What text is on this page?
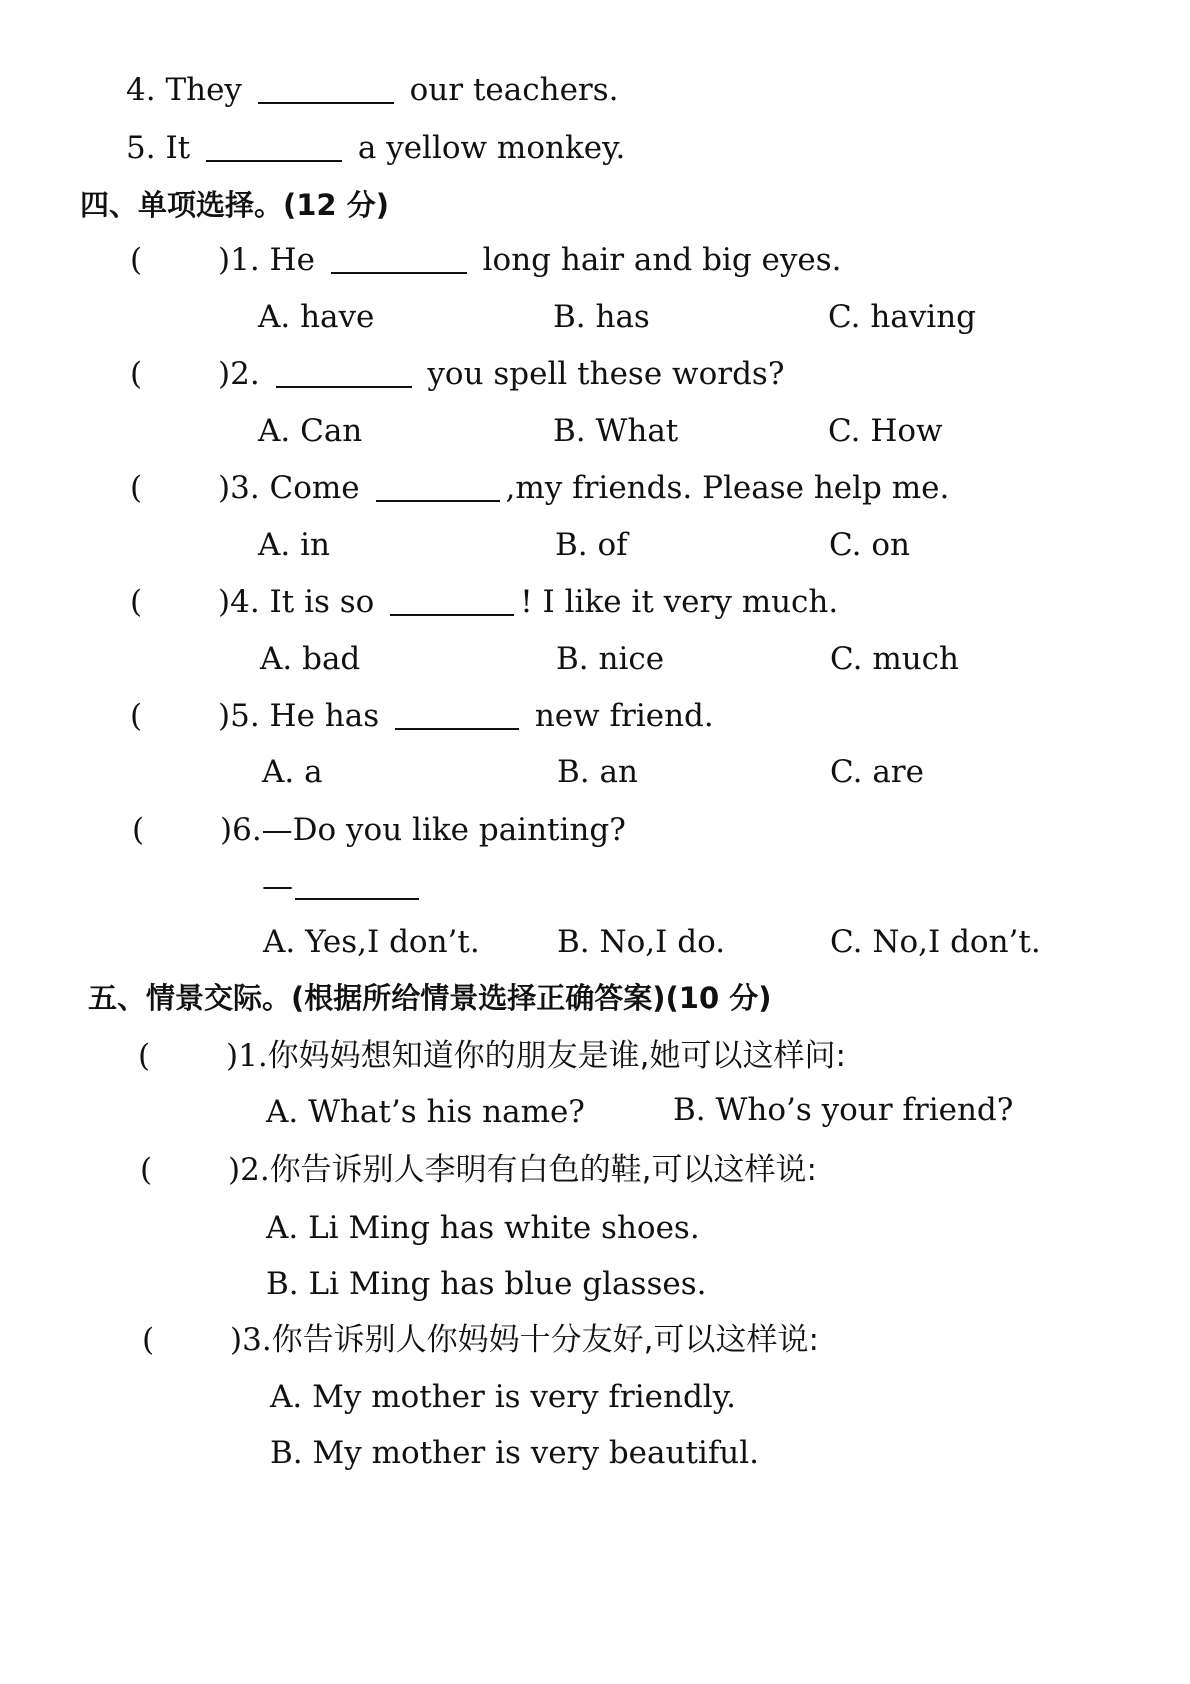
4. They	our teachers.
5. It	a yellow monkey.
四、单项选择。(12 分)
( )1. He	long hair and big eyes.
A. have	B. has	C. having
( )2.	you spell these words?
A. Can	B. What	C. How
( )3. Come	,my friends. Please help me.
A. in	B. of	C. on
( )4. It is so	! I like it very much.
A. bad	B. nice	C. much
( )5. He has	new friend.
A. a	B. an	C. are
( )6.—Do you like painting?
—
A. Yes,I don’t. B. No,I do.	C. No,I don’t.
五、情景交际。(根据所给情景选择正确答案)(10 分)
( )1.你妈妈想知道你的朋友是谁,她可以这样问:
A. What’s his name?	B. Who’s your friend?
( )2.你告诉别人李明有白色的鞋,可以这样说:
A. Li Ming has white shoes.
B. Li Ming has blue glasses.
( )3.你告诉别人你妈妈十分友好,可以这样说:
A. My mother is very friendly.
B. My mother is very beautiful.
